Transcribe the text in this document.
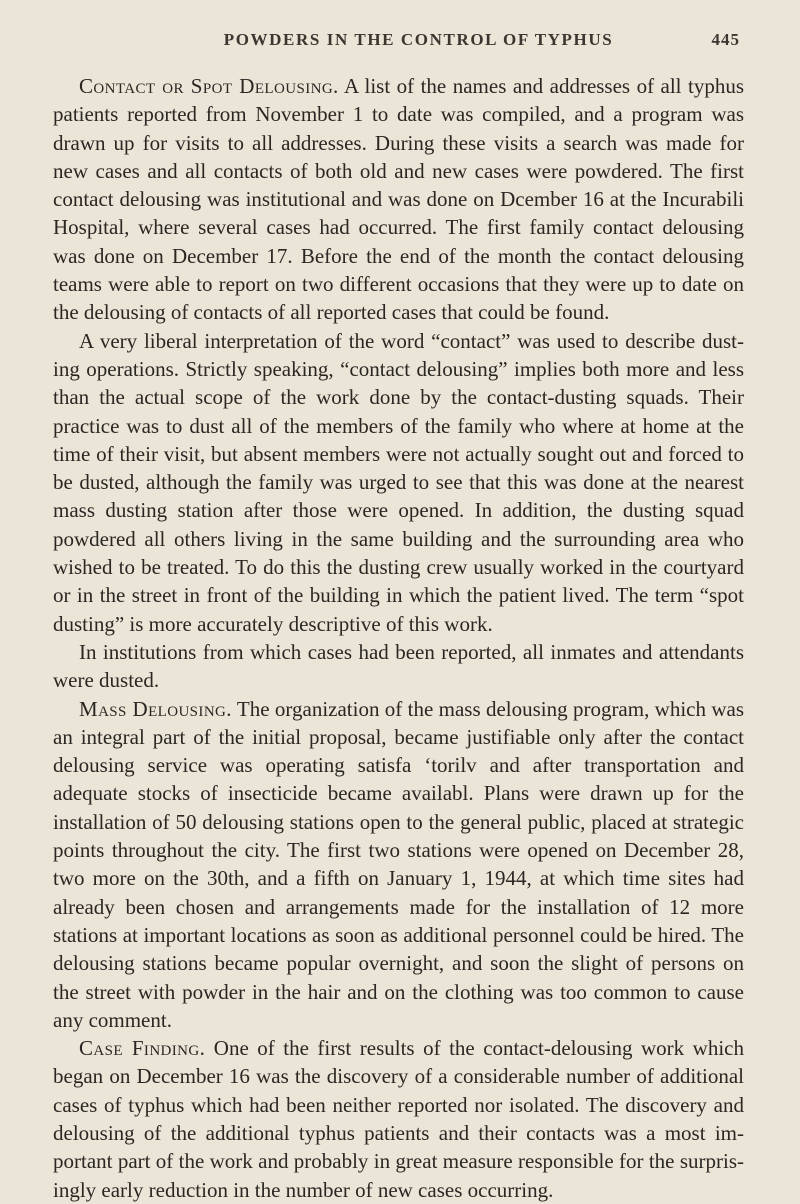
POWDERS IN THE CONTROL OF TYPHUS	445

Contact or Spot Delousing. A list of the names and addresses of all typhus patients reported from November 1 to date was compiled, and a program was drawn up for visits to all addresses. During these visits a search was made for new cases and all contacts of both old and new cases were powdered. The first contact delousing was institutional and was done on Dcember 16 at the Incurabili Hospital, where several cases had occurred. The first family contact delousing was done on December 17. Before the end of the month the contact delousing teams were able to report on two different occasions that they were up to date on the delousing of contacts of all reported cases that could be found.

A very liberal interpretation of the word “contact” was used to describe dust-ing operations. Strictly speaking, “contact delousing” implies both more and less than the actual scope of the work done by the contact-dusting squads. Their practice was to dust all of the members of the family who where at home at the time of their visit, but absent members were not actually sought out and forced to be dusted, although the family was urged to see that this was done at the nearest mass dusting station after those were opened. In addition, the dusting squad powdered all others living in the same building and the surrounding area who wished to be treated. To do this the dusting crew usually worked in the courtyard or in the street in front of the building in which the patient lived. The term “spot dusting” is more accurately descriptive of this work.

In institutions from which cases had been reported, all inmates and attendants were dusted.

Mass Delousing. The organization of the mass delousing program, which was an integral part of the initial proposal, became justifiable only after the contact delousing service was operating satisfa ‘torilv and after transportation and adequate stocks of insecticide became availabl. Plans were drawn up for the installation of 50 delousing stations open to the general public, placed at strategic points throughout the city. The first two stations were opened on December 28, two more on the 30th, and a fifth on January 1, 1944, at which time sites had already been chosen and arrangements made for the installation of 12 more stations at important locations as soon as additional personnel could be hired. The delousing stations became popular overnight, and soon the slight of persons on the street with powder in the hair and on the clothing was too common to cause any comment.

Case Finding. One of the first results of the contact-delousing work which began on December 16 was the discovery of a considerable number of additional cases of typhus which had been neither reported nor isolated. The discovery and delousing of the additional typhus patients and their contacts was a most im-portant part of the work and probably in great measure responsible for the surpris-ingly early reduction in the number of new cases occurring.
